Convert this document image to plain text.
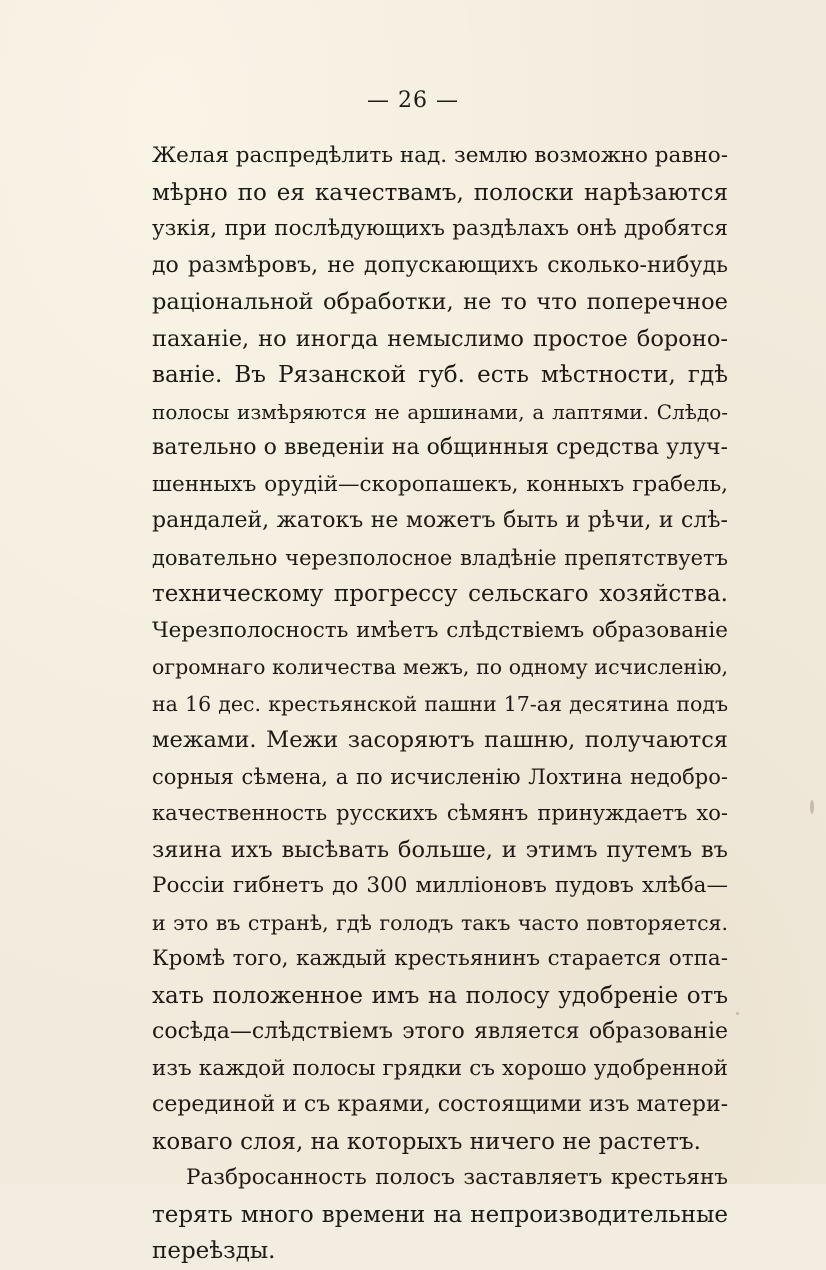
— 26 —
Желая распредѣлить над. землю возможно равно-
мѣрно по ея качествамъ, полоски нарѣзаются
узкія, при послѣдующихъ раздѣлахъ онѣ дробятся
до размѣровъ, не допускающихъ сколько-нибудь
раціональной обработки, не то что поперечное
паханіе, но иногда немыслимо простое бороно-
ваніе. Въ Рязанской губ. есть мѣстности, гдѣ
полосы измѣряются не аршинами, а лаптями. Слѣдо-
вательно о введеніи на общинныя средства улуч-
шенныхъ орудій—скоропашекъ, конныхъ грабель,
рандалей, жатокъ не можетъ быть и рѣчи, и слѣ-
довательно черезполосное владѣніе препятствуетъ
техническому прогрессу сельскаго хозяйства.
Черезполосность имѣетъ слѣдствіемъ образованіе
огромнаго количества межъ, по одному исчисленію,
на 16 дес. крестьянской пашни 17-ая десятина подъ
межами. Межи засоряютъ пашню, получаются
сорныя сѣмена, а по исчисленію Лохтина недобро-
качественность русскихъ сѣмянъ принуждаетъ хо-
зяина ихъ высѣвать больше, и этимъ путемъ въ
Россіи гибнетъ до 300 милліоновъ пудовъ хлѣба—
и это въ странѣ, гдѣ голодъ такъ часто повторяется.
Кромѣ того, каждый крестьянинъ старается отпа-
хать положенное имъ на полосу удобреніе отъ
сосѣда—слѣдствіемъ этого является образованіе
изъ каждой полосы грядки съ хорошо удобренной
серединой и съ краями, состоящими изъ матери-
коваго слоя, на которыхъ ничего не растетъ.
Разбросанность полосъ заставляетъ крестьянъ
терять много времени на непроизводительные
переѣзды.
